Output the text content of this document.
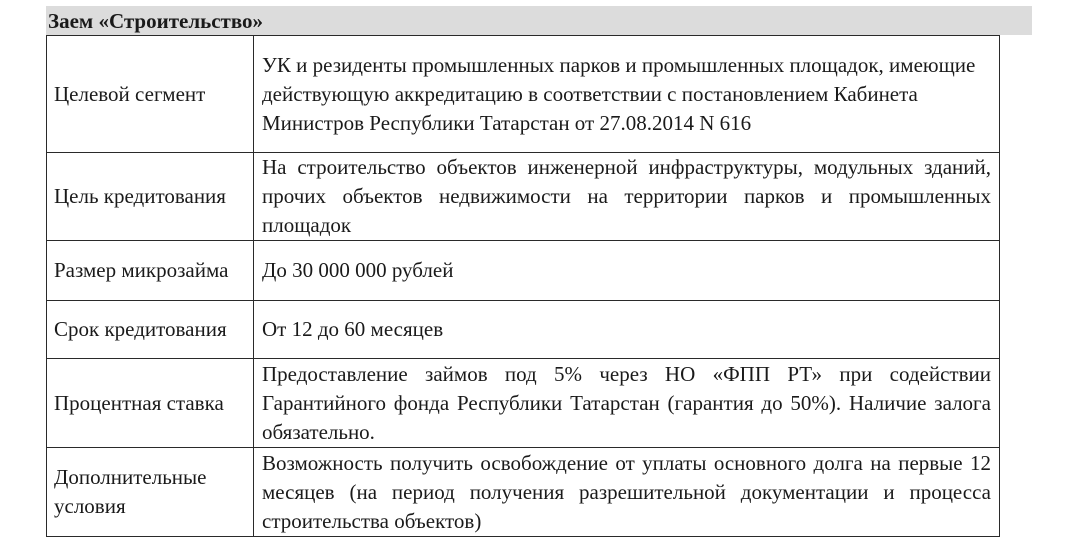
Заем «Строительство»
Целевой сегмент	УК и резиденты промышленных парков и промышленных площадок, имеющие действующую аккредитацию в соответствии с постановлением Кабинета Министров Республики Татарстан от 27.08.2014 N 616
Цель кредитования	На строительство объектов инженерной инфраструктуры, модульных зданий, прочих объектов недвижимости на территории парков и промышленных площадок
Размер микрозайма	До 30 000 000 рублей
Срок кредитования	От 12 до 60 месяцев
Процентная ставка	Предоставление займов под 5% через НО «ФПП РТ» при содействии Гарантийного фонда Республики Татарстан (гарантия до 50%). Наличие залога обязательно.
Дополнительные условия	Возможность получить освобождение от уплаты основного долга на первые 12 месяцев (на период получения разрешительной документации и процесса строительства объектов)
